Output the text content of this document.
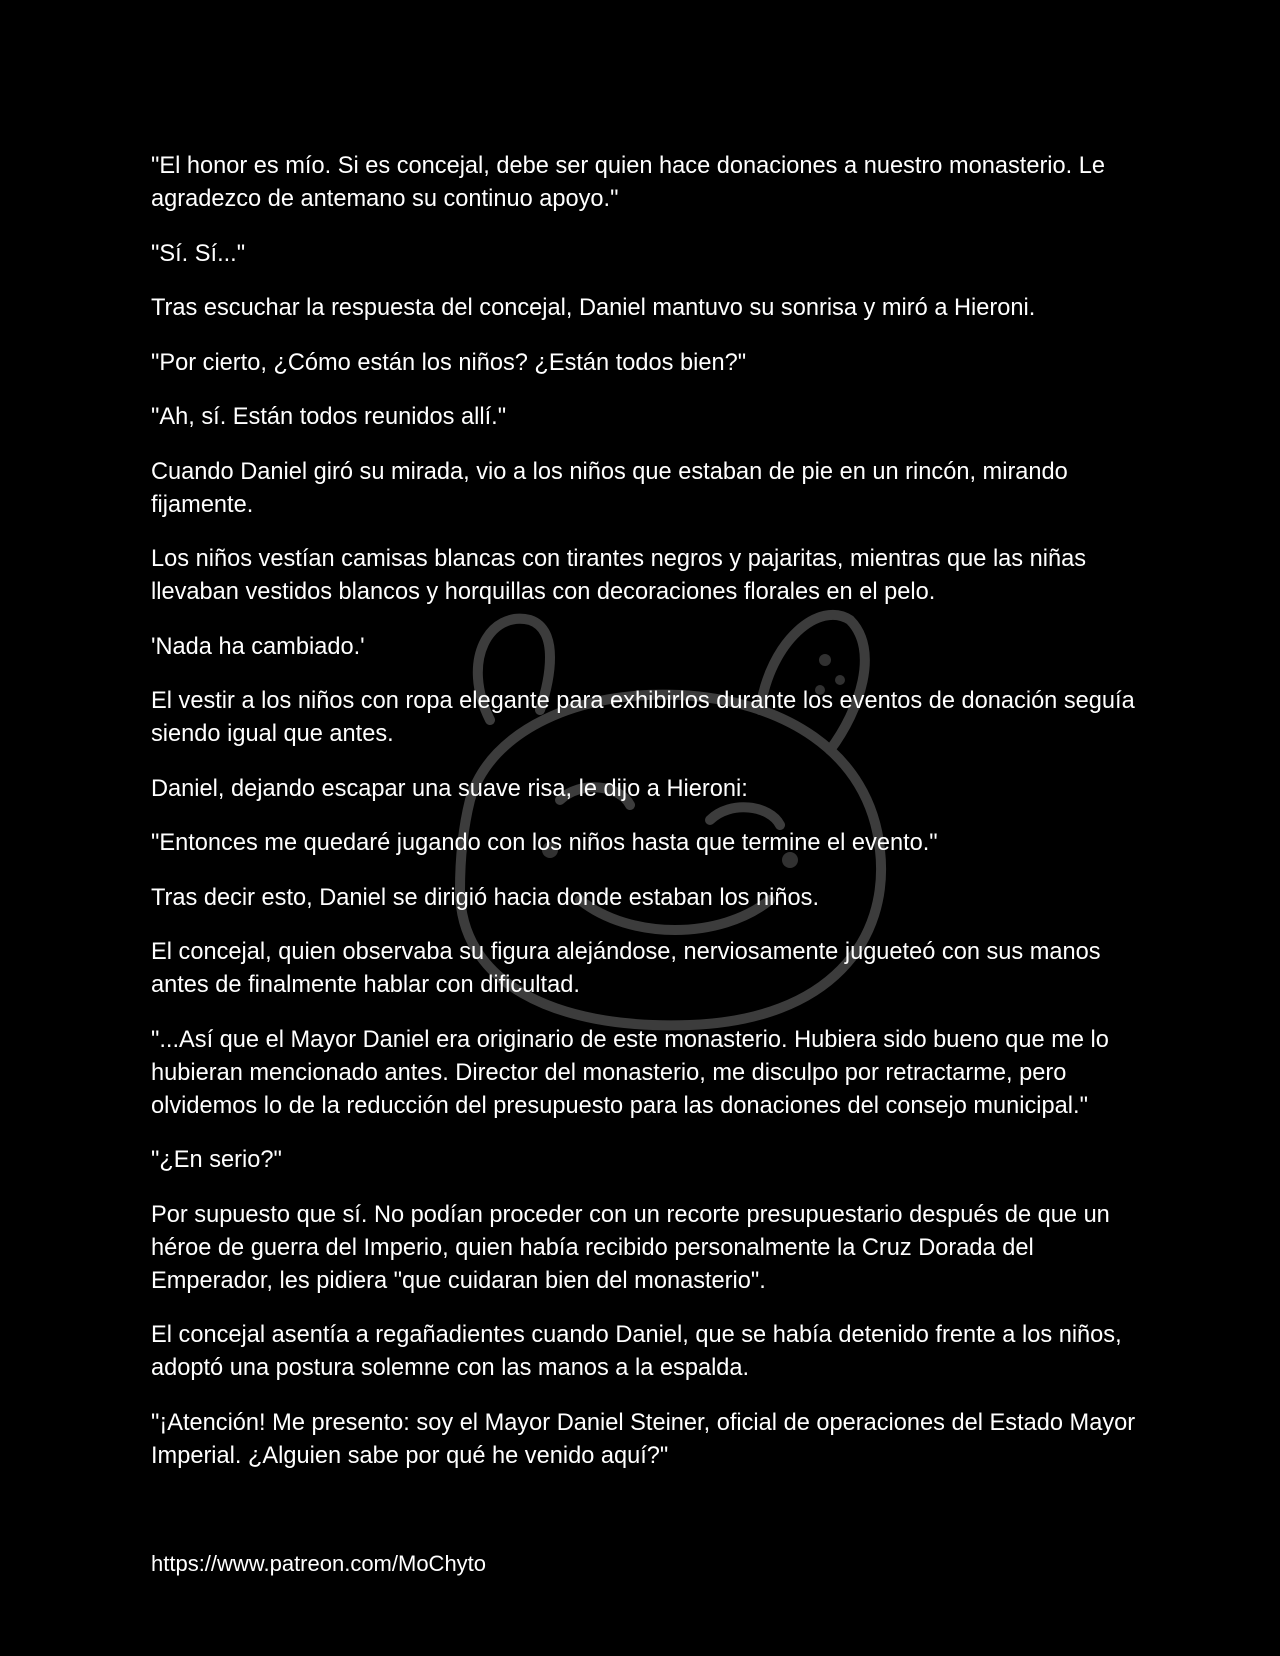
"El honor es mío. Si es concejal, debe ser quien hace donaciones a nuestro monasterio. Le agradezco de antemano su continuo apoyo."

"Sí. Sí..."

Tras escuchar la respuesta del concejal, Daniel mantuvo su sonrisa y miró a Hieroni.

"Por cierto, ¿Cómo están los niños? ¿Están todos bien?"

"Ah, sí. Están todos reunidos allí."

Cuando Daniel giró su mirada, vio a los niños que estaban de pie en un rincón, mirando fijamente.

Los niños vestían camisas blancas con tirantes negros y pajaritas, mientras que las niñas llevaban vestidos blancos y horquillas con decoraciones florales en el pelo.

'Nada ha cambiado.'

El vestir a los niños con ropa elegante para exhibirlos durante los eventos de donación seguía siendo igual que antes.

Daniel, dejando escapar una suave risa, le dijo a Hieroni:

"Entonces me quedaré jugando con los niños hasta que termine el evento."

Tras decir esto, Daniel se dirigió hacia donde estaban los niños.

El concejal, quien observaba su figura alejándose, nerviosamente jugueteó con sus manos antes de finalmente hablar con dificultad.

"...Así que el Mayor Daniel era originario de este monasterio. Hubiera sido bueno que me lo hubieran mencionado antes. Director del monasterio, me disculpo por retractarme, pero olvidemos lo de la reducción del presupuesto para las donaciones del consejo municipal."

"¿En serio?"

Por supuesto que sí. No podían proceder con un recorte presupuestario después de que un héroe de guerra del Imperio, quien había recibido personalmente la Cruz Dorada del Emperador, les pidiera "que cuidaran bien del monasterio".

El concejal asentía a regañadientes cuando Daniel, que se había detenido frente a los niños, adoptó una postura solemne con las manos a la espalda.

"¡Atención! Me presento: soy el Mayor Daniel Steiner, oficial de operaciones del Estado Mayor Imperial. ¿Alguien sabe por qué he venido aquí?"

https://www.patreon.com/MoChyto
